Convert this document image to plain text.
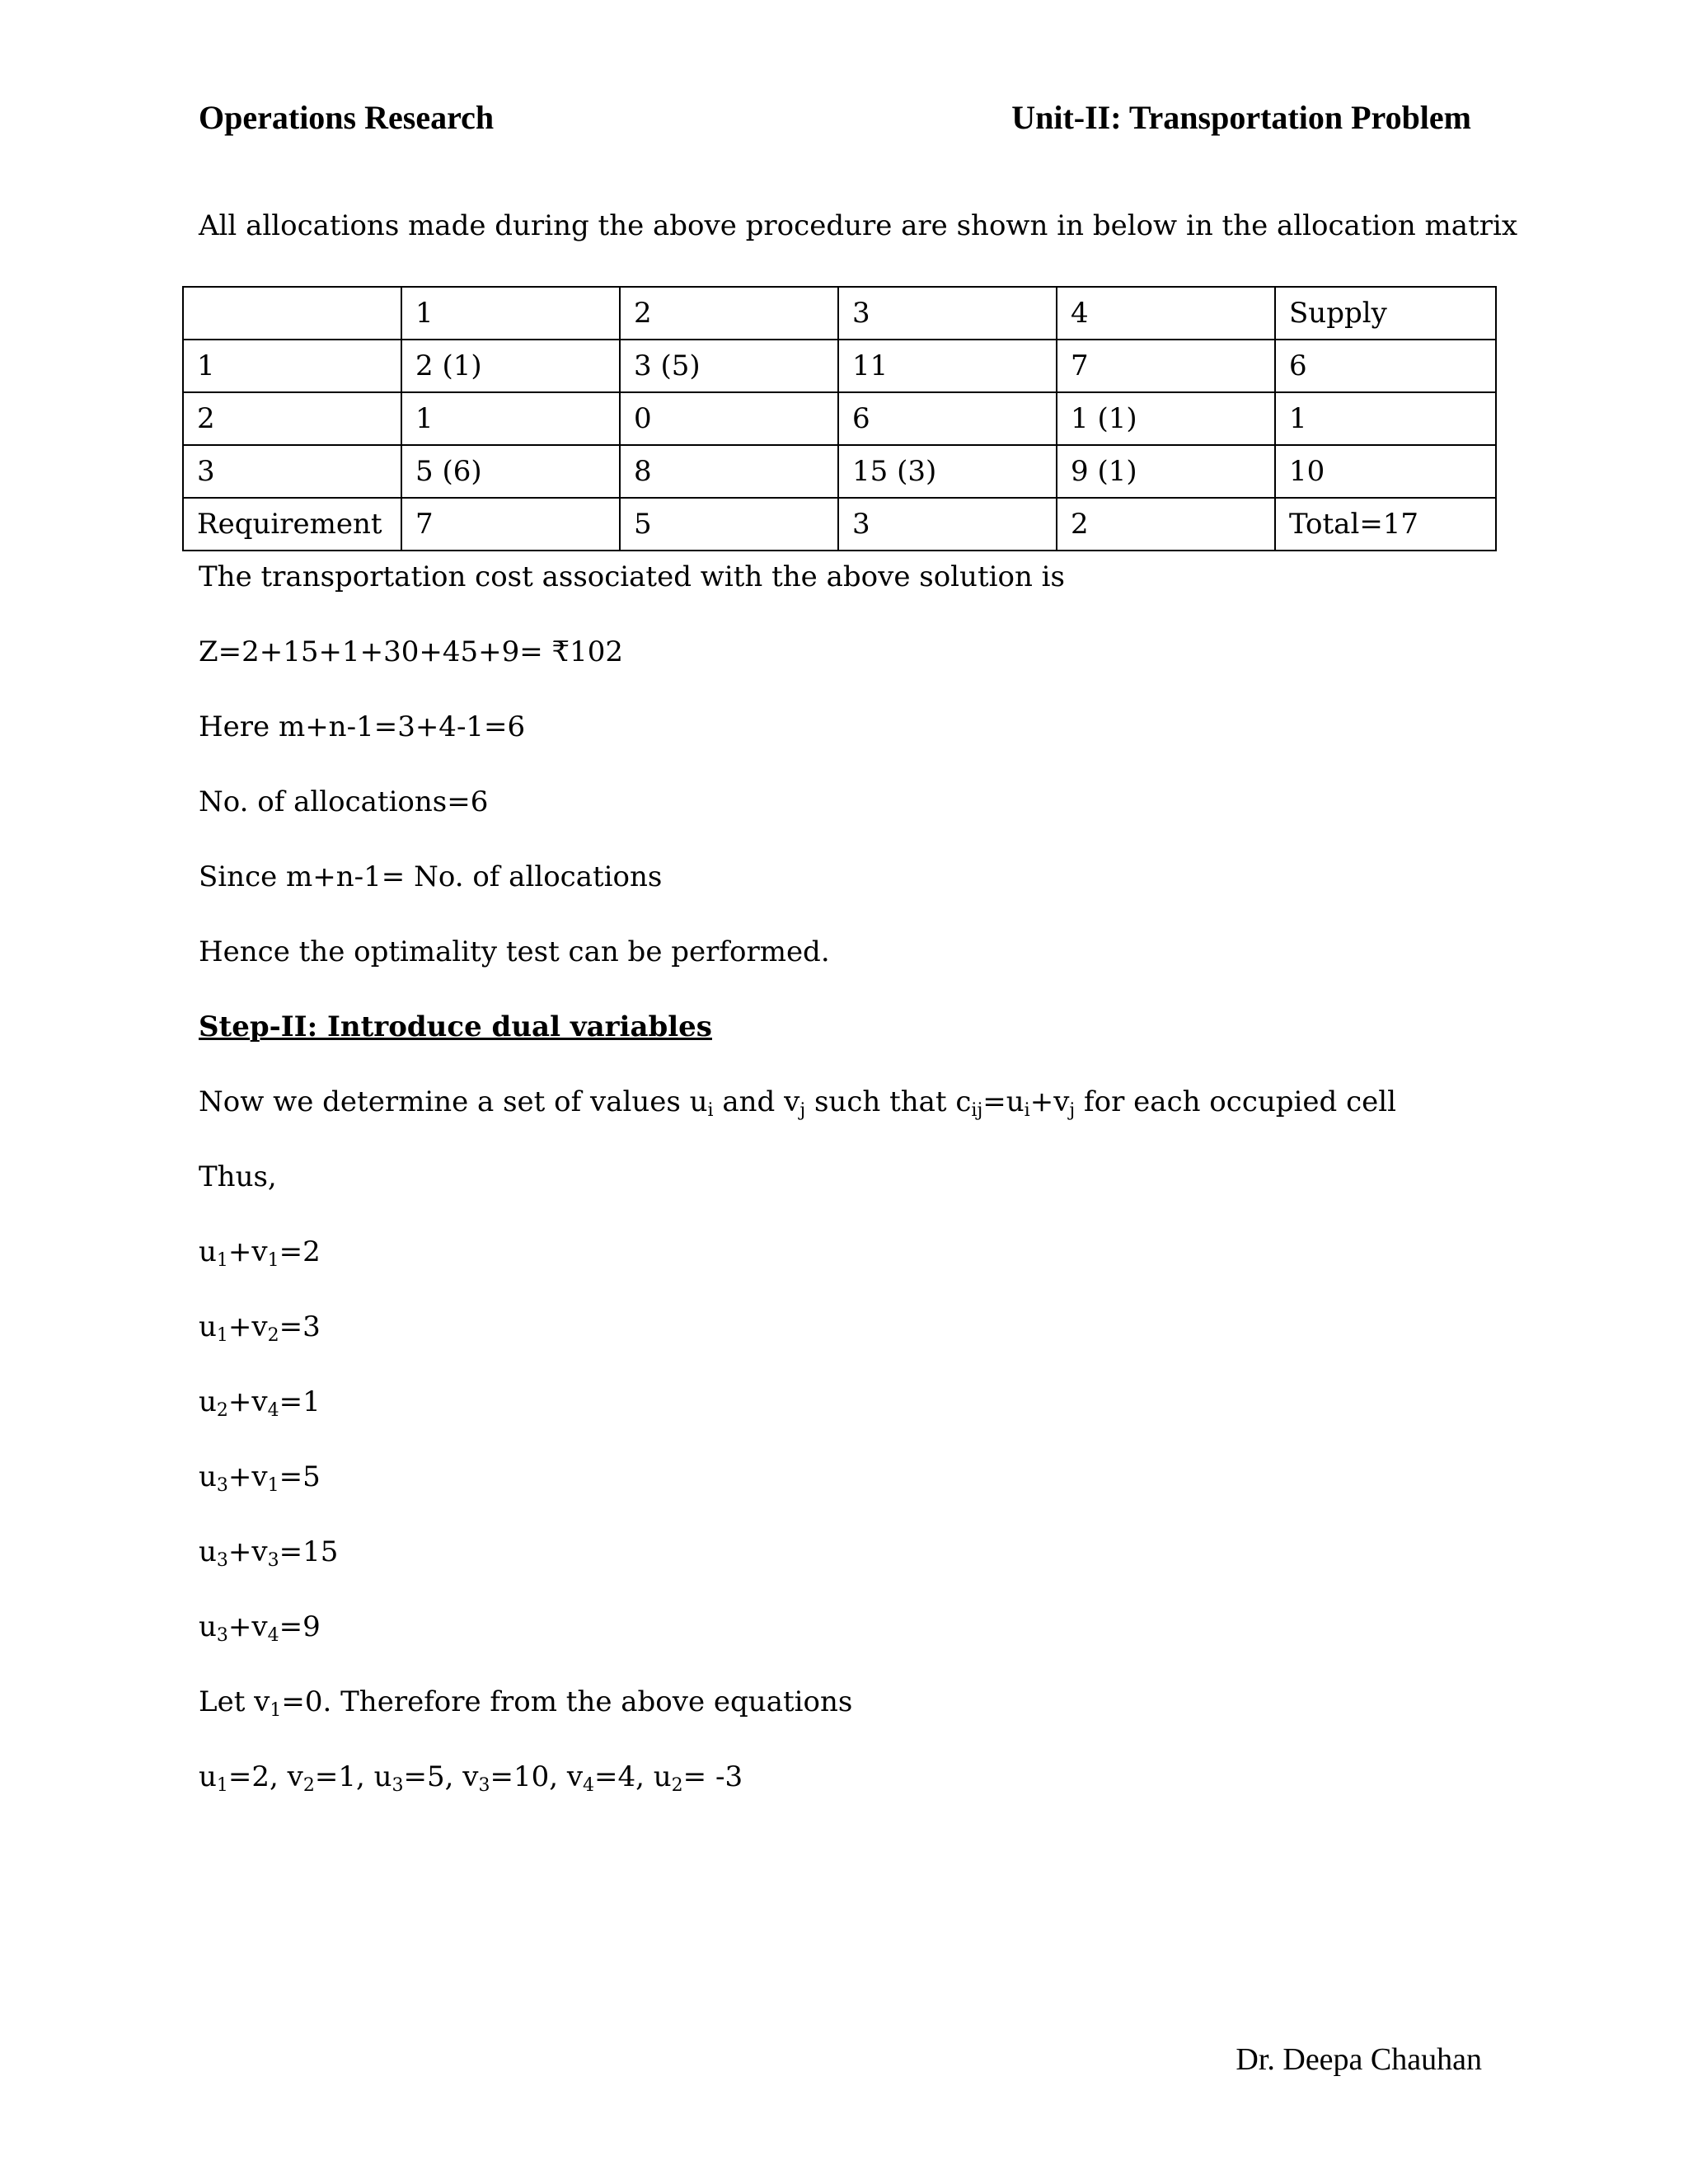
Operations Research	Unit-II: Transportation Problem
All allocations made during the above procedure are shown in below in the allocation matrix
	1	2	3	4	Supply
1	2 (1)	3 (5)	11	7	6
2	1	0	6	1 (1)	1
3	5 (6)	8	15 (3)	9 (1)	10
Requirement	7	5	3	2	Total=17
The transportation cost associated with the above solution is
Z=2+15+1+30+45+9= ₹102
Here m+n-1=3+4-1=6
No. of allocations=6
Since m+n-1= No. of allocations
Hence the optimality test can be performed.
Step-II: Introduce dual variables
Now we determine a set of values $u_i$ and $v_j$ such that $c_{ij}=u_i+v_j$ for each occupied cell
Thus,
$u_1+v_1=2$
$u_1+v_2=3$
$u_2+v_4=1$
$u_3+v_1=5$
$u_3+v_3=15$
$u_3+v_4=9$
Let $v_1=0$. Therefore from the above equations
$u_1=2$, $v_2=1$, $u_3=5$, $v_3=10$, $v_4=4$, $u_2= -3$
Dr. Deepa Chauhan
